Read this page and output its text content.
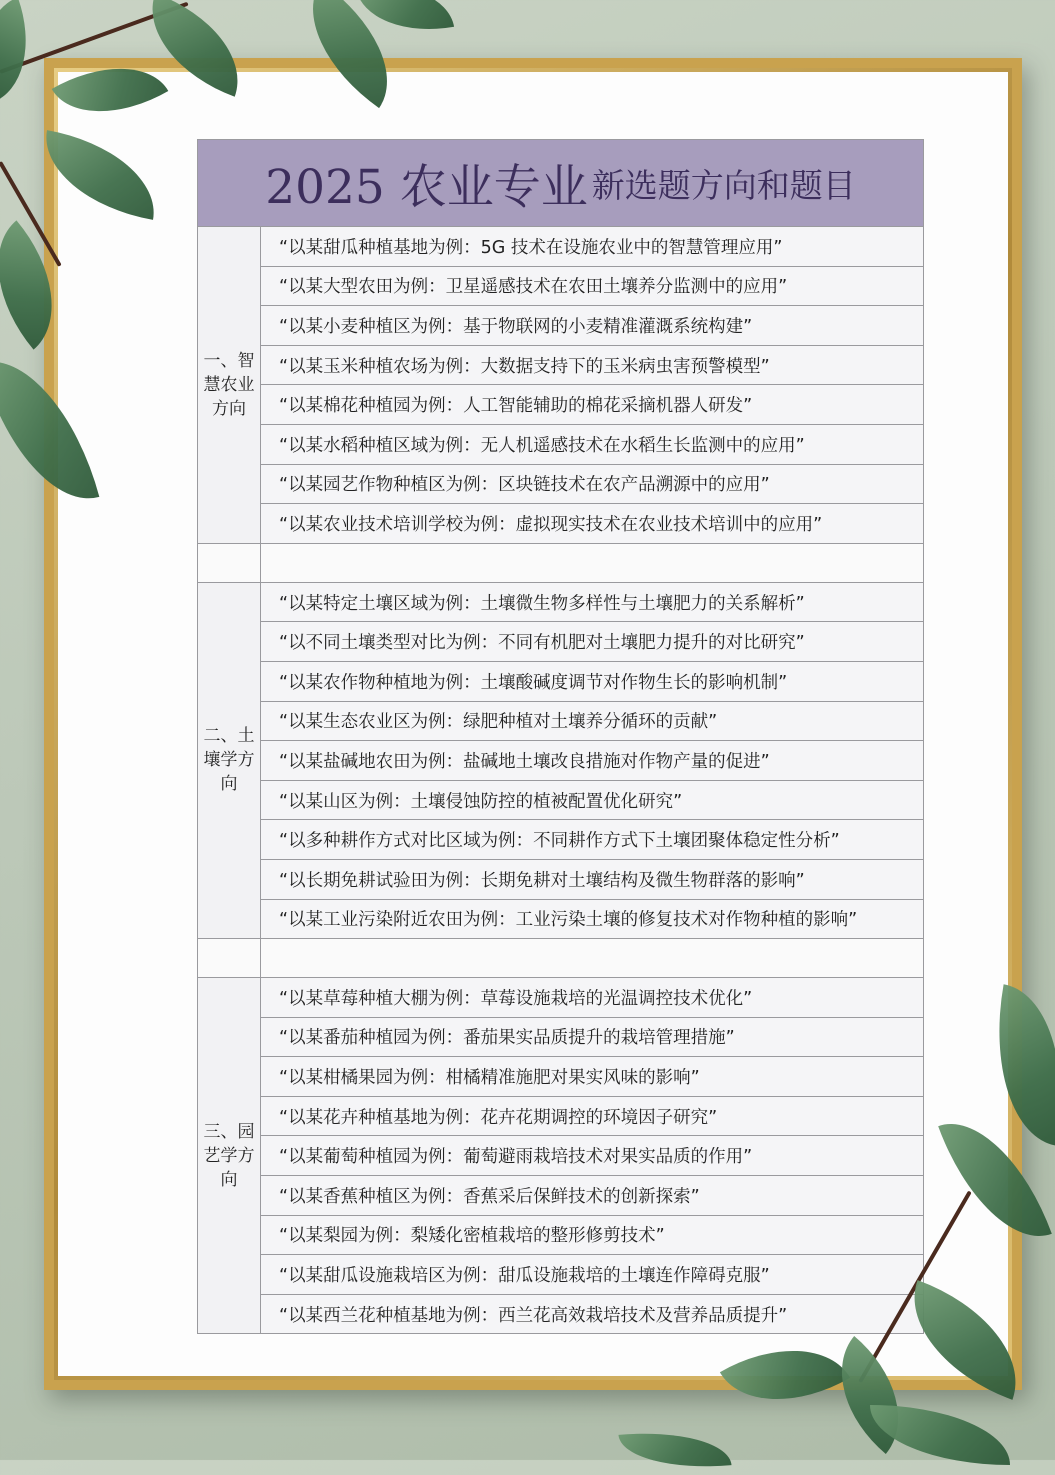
2025 农业专业 新选题方向和题目	
一、智慧农业方向	“以某甜瓜种植基地为例：5G 技术在设施农业中的智慧管理应用”
	“以某大型农田为例：卫星遥感技术在农田土壤养分监测中的应用”
	“以某小麦种植区为例：基于物联网的小麦精准灌溉系统构建”
	“以某玉米种植农场为例：大数据支持下的玉米病虫害预警模型”
	“以某棉花种植园为例：人工智能辅助的棉花采摘机器人研发”
	“以某水稻种植区域为例：无人机遥感技术在水稻生长监测中的应用”
	“以某园艺作物种植区为例：区块链技术在农产品溯源中的应用”
	“以某农业技术培训学校为例：虚拟现实技术在农业技术培训中的应用”

二、土壤学方向	“以某特定土壤区域为例：土壤微生物多样性与土壤肥力的关系解析”
	“以不同土壤类型对比为例：不同有机肥对土壤肥力提升的对比研究”
	“以某农作物种植地为例：土壤酸碱度调节对作物生长的影响机制”
	“以某生态农业区为例：绿肥种植对土壤养分循环的贡献”
	“以某盐碱地农田为例：盐碱地土壤改良措施对作物产量的促进”
	“以某山区为例：土壤侵蚀防控的植被配置优化研究”
	“以多种耕作方式对比区域为例：不同耕作方式下土壤团聚体稳定性分析”
	“以长期免耕试验田为例：长期免耕对土壤结构及微生物群落的影响”
	“以某工业污染附近农田为例：工业污染土壤的修复技术对作物种植的影响”

三、园艺学方向	“以某草莓种植大棚为例：草莓设施栽培的光温调控技术优化”
	“以某番茄种植园为例：番茄果实品质提升的栽培管理措施”
	“以某柑橘果园为例：柑橘精准施肥对果实风味的影响”
	“以某花卉种植基地为例：花卉花期调控的环境因子研究”
	“以某葡萄种植园为例：葡萄避雨栽培技术对果实品质的作用”
	“以某香蕉种植区为例：香蕉采后保鲜技术的创新探索”
	“以某梨园为例：梨矮化密植栽培的整形修剪技术”
	“以某甜瓜设施栽培区为例：甜瓜设施栽培的土壤连作障碍克服”
	“以某西兰花种植基地为例：西兰花高效栽培技术及营养品质提升”
